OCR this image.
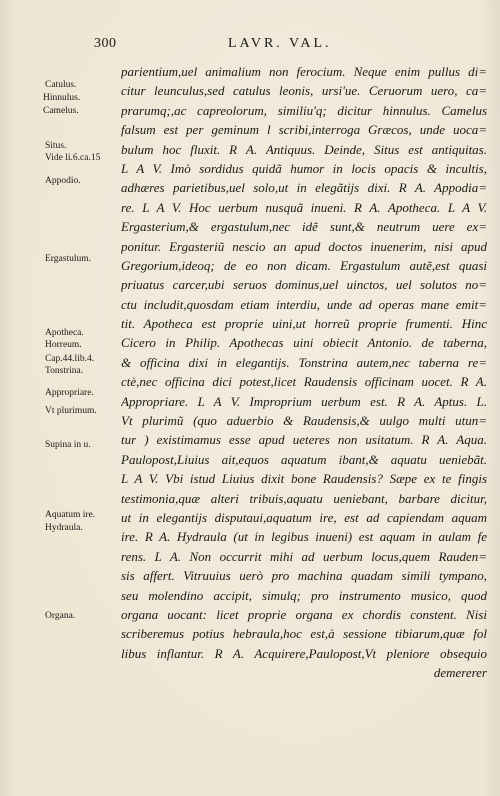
300	LAVR. VAL.
Catulus.
Hinnulus.
Camelus.
Situs.
Vide li.6.ca.15
Appodio.
Ergastulum.
Apotheca.
Horreum.
Cap.44.lib.4.
Tonstrina.
Appropriare.
Vt plurimum.
Supina in u.
Aquatum ire.
Hydraula.
Organa.
parientium,uel animalium non ferocium. Neque enim pullus di=
citur leunculus,sed catulus leonis, ursi'ue. Ceruorum uero, ca=
prarumq;,ac capreolorum, similiu'q; dicitur hinnulus. Camelus
falsum est per geminum l scribi,interroga Græcos, unde uoca=
bulum hoc fluxit. R A. Antiquus. Deinde, Situs est antiquitas.
L A V. Imò sordidus quidã humor in locis opacis & incultis,
adhæres parietibus,uel solo,ut in elegãtijs dixi. R A. Appodia=
re. L A V. Hoc uerbum nusquã inueni. R A. Apotheca. L A V.
Ergasterium,& ergastulum,nec idẽ sunt,& neutrum uere ex=
ponitur. Ergasteriũ nescio an apud doctos inuenerim, nisi apud
Gregorium,ideoq; de eo non dicam. Ergastulum autẽ,est quasi
priuatus carcer,ubi seruos dominus,uel uinctos, uel solutos no=
ctu includit,quosdam etiam interdiu, unde ad operas mane emit=
tit. Apotheca est proprie uini,ut horreũ proprie frumenti. Hinc
Cicero in Philip. Apothecas uini obiecit Antonio. de taberna,
& officina dixi in elegantijs. Tonstrina autem,nec taberna re=
ctè,nec officina dici potest,licet Raudensis officinam uocet. R A.
Appropriare. L A V. Improprium uerbum est. R A. Aptus. L.
Vt plurimũ (quo aduerbio & Raudensis,& uulgo multi utun=
tur ) existimamus esse apud ueteres non usitatum. R A. Aqua.
Paulopost,Liuius ait,equos aquatum ibant,& aquatu ueniebãt.
L A V. Vbi istud Liuius dixit bone Raudensis? Sæpe ex te fingis
testimonia,quæ alteri tribuis,aquatu ueniebant, barbare dicitur,
ut in elegantijs disputaui,aquatum ire, est ad capiendam aquam
ire. R A. Hydraula (ut in legibus inueni) est aquam in aulam fe
rens. L A. Non occurrit mihi ad uerbum locus,quem Rauden=
sis affert. Vitruuius uerò pro machina quadam simili tympano,
seu molendino accipit, simulq; pro instrumento musico, quod
organa uocant: licet proprie organa ex chordis constent. Nisi
scriberemus potius hebraula,hoc est,à sessione tibiarum,quæ fol
libus inflantur. R A. Acquirere,Paulopost,Vt pleniore obsequio
demererer
